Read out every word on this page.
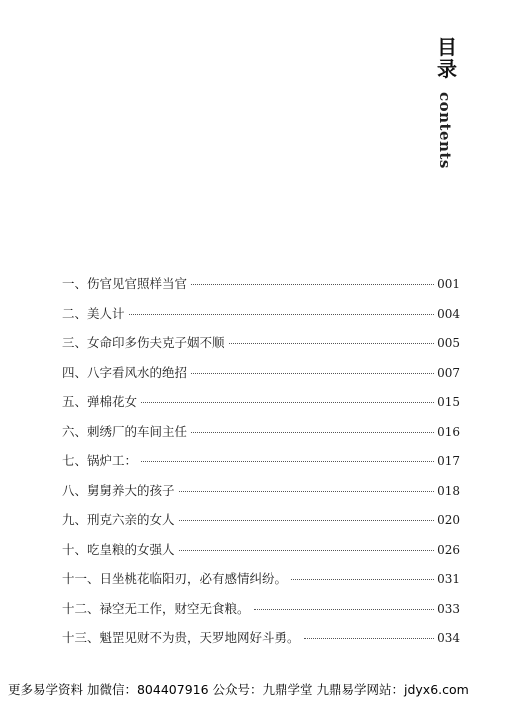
目
录
contents
一、伤官见官照样当官	001
二、美人计	004
三、女命印多伤夫克子姻不顺	005
四、八字看风水的绝招	007
五、弹棉花女	015
六、刺绣厂的车间主任	016
七、锅炉工：	017
八、舅舅养大的孩子	018
九、刑克六亲的女人	020
十、吃皇粮的女强人	026
十一、日坐桃花临阳刃，必有感情纠纷。	031
十二、禄空无工作，财空无食粮。	033
十三、魁罡见财不为贵，天罗地网好斗勇。	034
更多易学资料 加微信：804407916 公众号：九鼎学堂 九鼎易学网站：jdyx6.com
